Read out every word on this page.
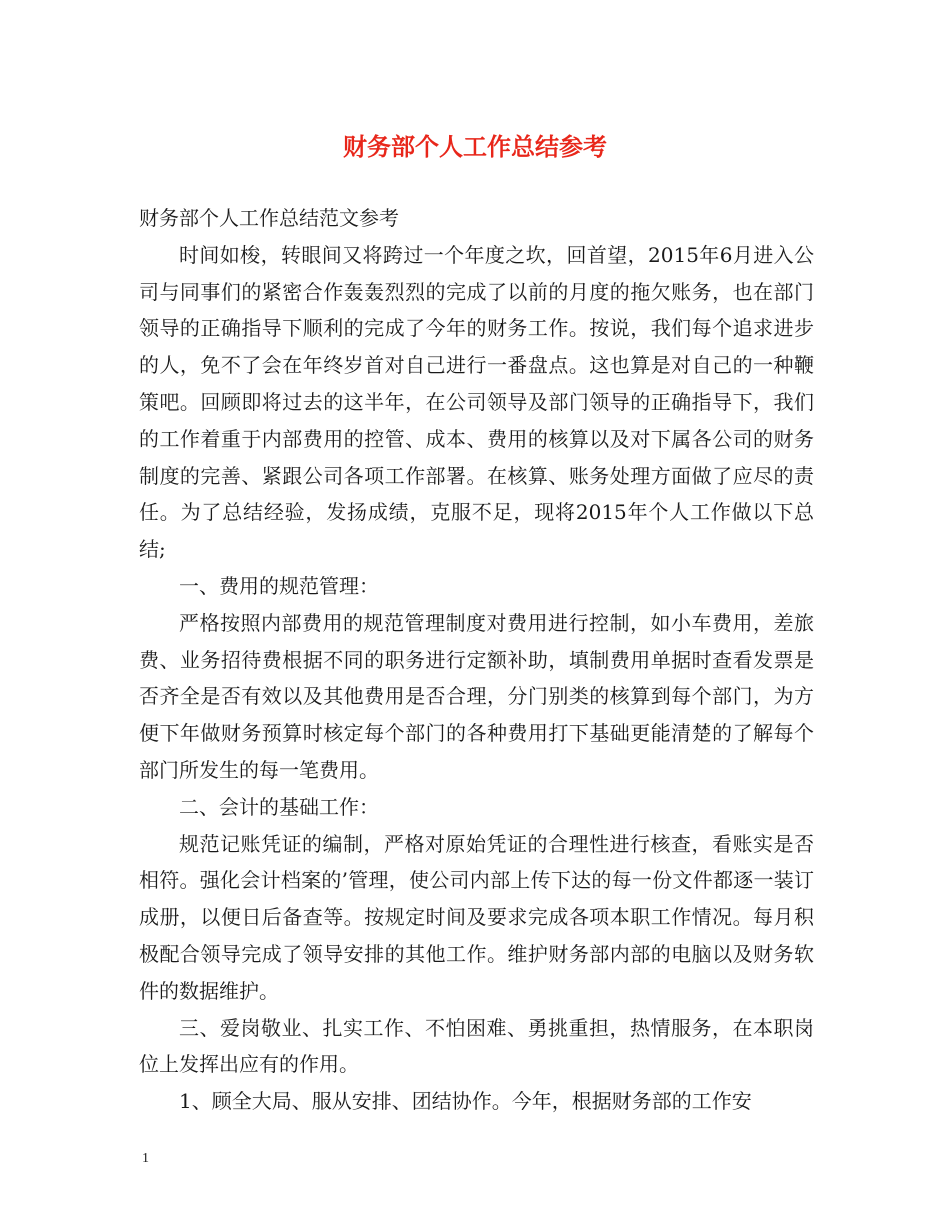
财务部个人工作总结参考

财务部个人工作总结范文参考

时间如梭，转眼间又将跨过一个年度之坎，回首望，2015年6月进入公司与同事们的紧密合作轰轰烈烈的完成了以前的月度的拖欠账务，也在部门领导的正确指导下顺利的完成了今年的财务工作。按说，我们每个追求进步的人，免不了会在年终岁首对自己进行一番盘点。这也算是对自己的一种鞭策吧。回顾即将过去的这半年，在公司领导及部门领导的正确指导下，我们的工作着重于内部费用的控管、成本、费用的核算以及对下属各公司的财务制度的完善、紧跟公司各项工作部署。在核算、账务处理方面做了应尽的责任。为了总结经验，发扬成绩，克服不足，现将2015年个人工作做以下总结;

一、费用的规范管理：

严格按照内部费用的规范管理制度对费用进行控制，如小车费用，差旅费、业务招待费根据不同的职务进行定额补助，填制费用单据时查看发票是否齐全是否有效以及其他费用是否合理，分门别类的核算到每个部门，为方便下年做财务预算时核定每个部门的各种费用打下基础更能清楚的了解每个部门所发生的每一笔费用。

二、会计的基础工作：

规范记账凭证的编制，严格对原始凭证的合理性进行核查，看账实是否相符。强化会计档案的’管理，使公司内部上传下达的每一份文件都逐一装订成册，以便日后备查等。按规定时间及要求完成各项本职工作情况。每月积极配合领导完成了领导安排的其他工作。维护财务部内部的电脑以及财务软件的数据维护。

三、爱岗敬业、扎实工作、不怕困难、勇挑重担，热情服务，在本职岗位上发挥出应有的作用。

1、顾全大局、服从安排、团结协作。今年，根据财务部的工作安

1
